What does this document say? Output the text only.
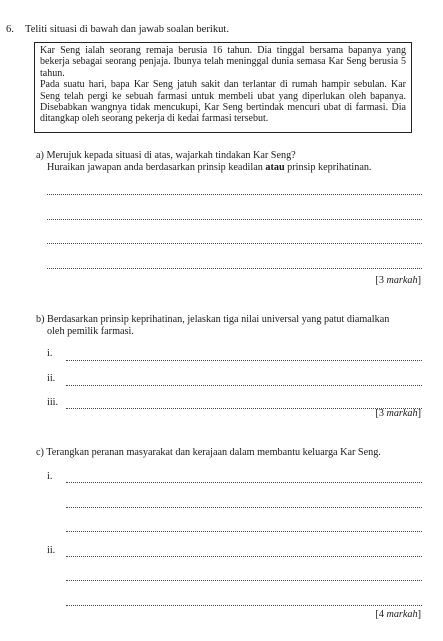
6. Teliti situasi di bawah dan jawab soalan berikut.

Kar Seng ialah seorang remaja berusia 16 tahun. Dia tinggal bersama bapanya yang bekerja sebagai seorang penjaja. Ibunya telah meninggal dunia semasa Kar Seng berusia 5 tahun.

Pada suatu hari, bapa Kar Seng jatuh sakit dan terlantar di rumah hampir sebulan. Kar Seng telah pergi ke sebuah farmasi untuk membeli ubat yang diperlukan oleh bapanya. Disebabkan wangnya tidak mencukupi, Kar Seng bertindak mencuri ubat di farmasi. Dia ditangkap oleh seorang pekerja di kedai farmasi tersebut.

a) Merujuk kepada situasi di atas, wajarkah tindakan Kar Seng?
Huraikan jawapan anda berdasarkan prinsip keadilan atau prinsip keprihatinan.
[3 markah]
b) Berdasarkan prinsip keprihatinan, jelaskan tiga nilai universal yang patut diamalkan
oleh pemilik farmasi.
i.
ii.
iii.
[3 markah]
c) Terangkan peranan masyarakat dan kerajaan dalam membantu keluarga Kar Seng.
i.
ii.
[4 markah]
